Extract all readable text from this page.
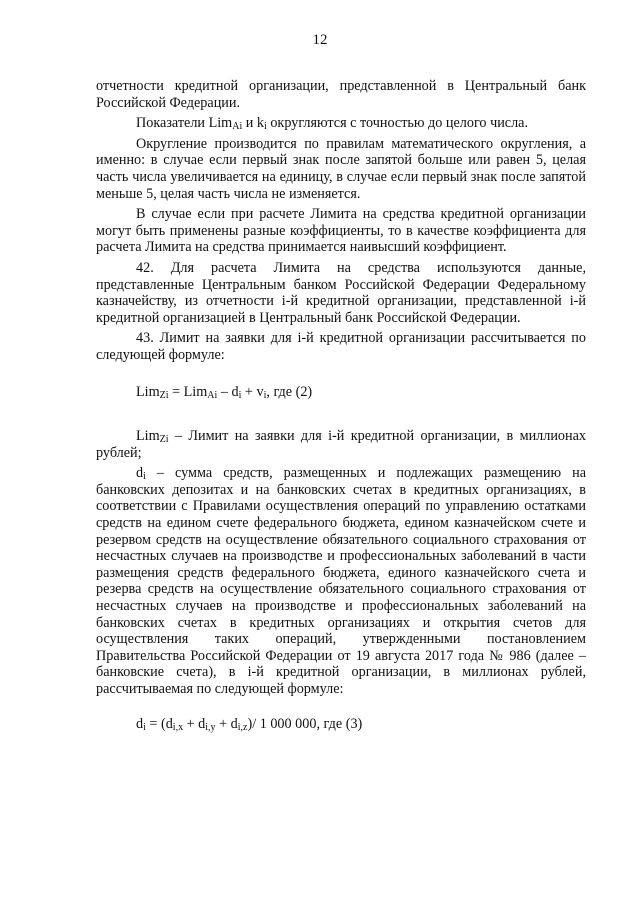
12

отчетности кредитной организации, представленной в Центральный банк Российской Федерации.

Показатели Lim$_{Ai}$ и $k_i$ округляются с точностью до целого числа.

Округление производится по правилам математического округления, а именно: в случае если первый знак после запятой больше или равен 5, целая часть числа увеличивается на единицу, в случае если первый знак после запятой меньше 5, целая часть числа не изменяется.

В случае если при расчете Лимита на средства кредитной организации могут быть применены разные коэффициенты, то в качестве коэффициента для расчета Лимита на средства принимается наивысший коэффициент.

42. Для расчета Лимита на средства используются данные, представленные Центральным банком Российской Федерации Федеральному казначейству, из отчетности i-й кредитной организации, представленной i-й кредитной организацией в Центральный банк Российской Федерации.

43. Лимит на заявки для i-й кредитной организации рассчитывается по следующей формуле:

$Lim_{Zi} = Lim_{Ai} - d_i + v_i$, где (2)

Lim$_{Zi}$ – Лимит на заявки для i-й кредитной организации, в миллионах рублей;

$d_i$ – сумма средств, размещенных и подлежащих размещению на банковских депозитах и на банковских счетах в кредитных организациях, в соответствии с Правилами осуществления операций по управлению остатками средств на едином счете федерального бюджета, едином казначейском счете и резервом средств на осуществление обязательного социального страхования от несчастных случаев на производстве и профессиональных заболеваний в части размещения средств федерального бюджета, единого казначейского счета и резерва средств на осуществление обязательного социального страхования от несчастных случаев на производстве и профессиональных заболеваний на банковских счетах в кредитных организациях и открытия счетов для осуществления таких операций, утвержденными постановлением Правительства Российской Федерации от 19 августа 2017 года № 986 (далее – банковские счета), в i-й кредитной организации, в миллионах рублей, рассчитываемая по следующей формуле:

$d_i = (d_{i,x} + d_{i,y} + d_{i,z})/$ 1 000 000, где (3)
